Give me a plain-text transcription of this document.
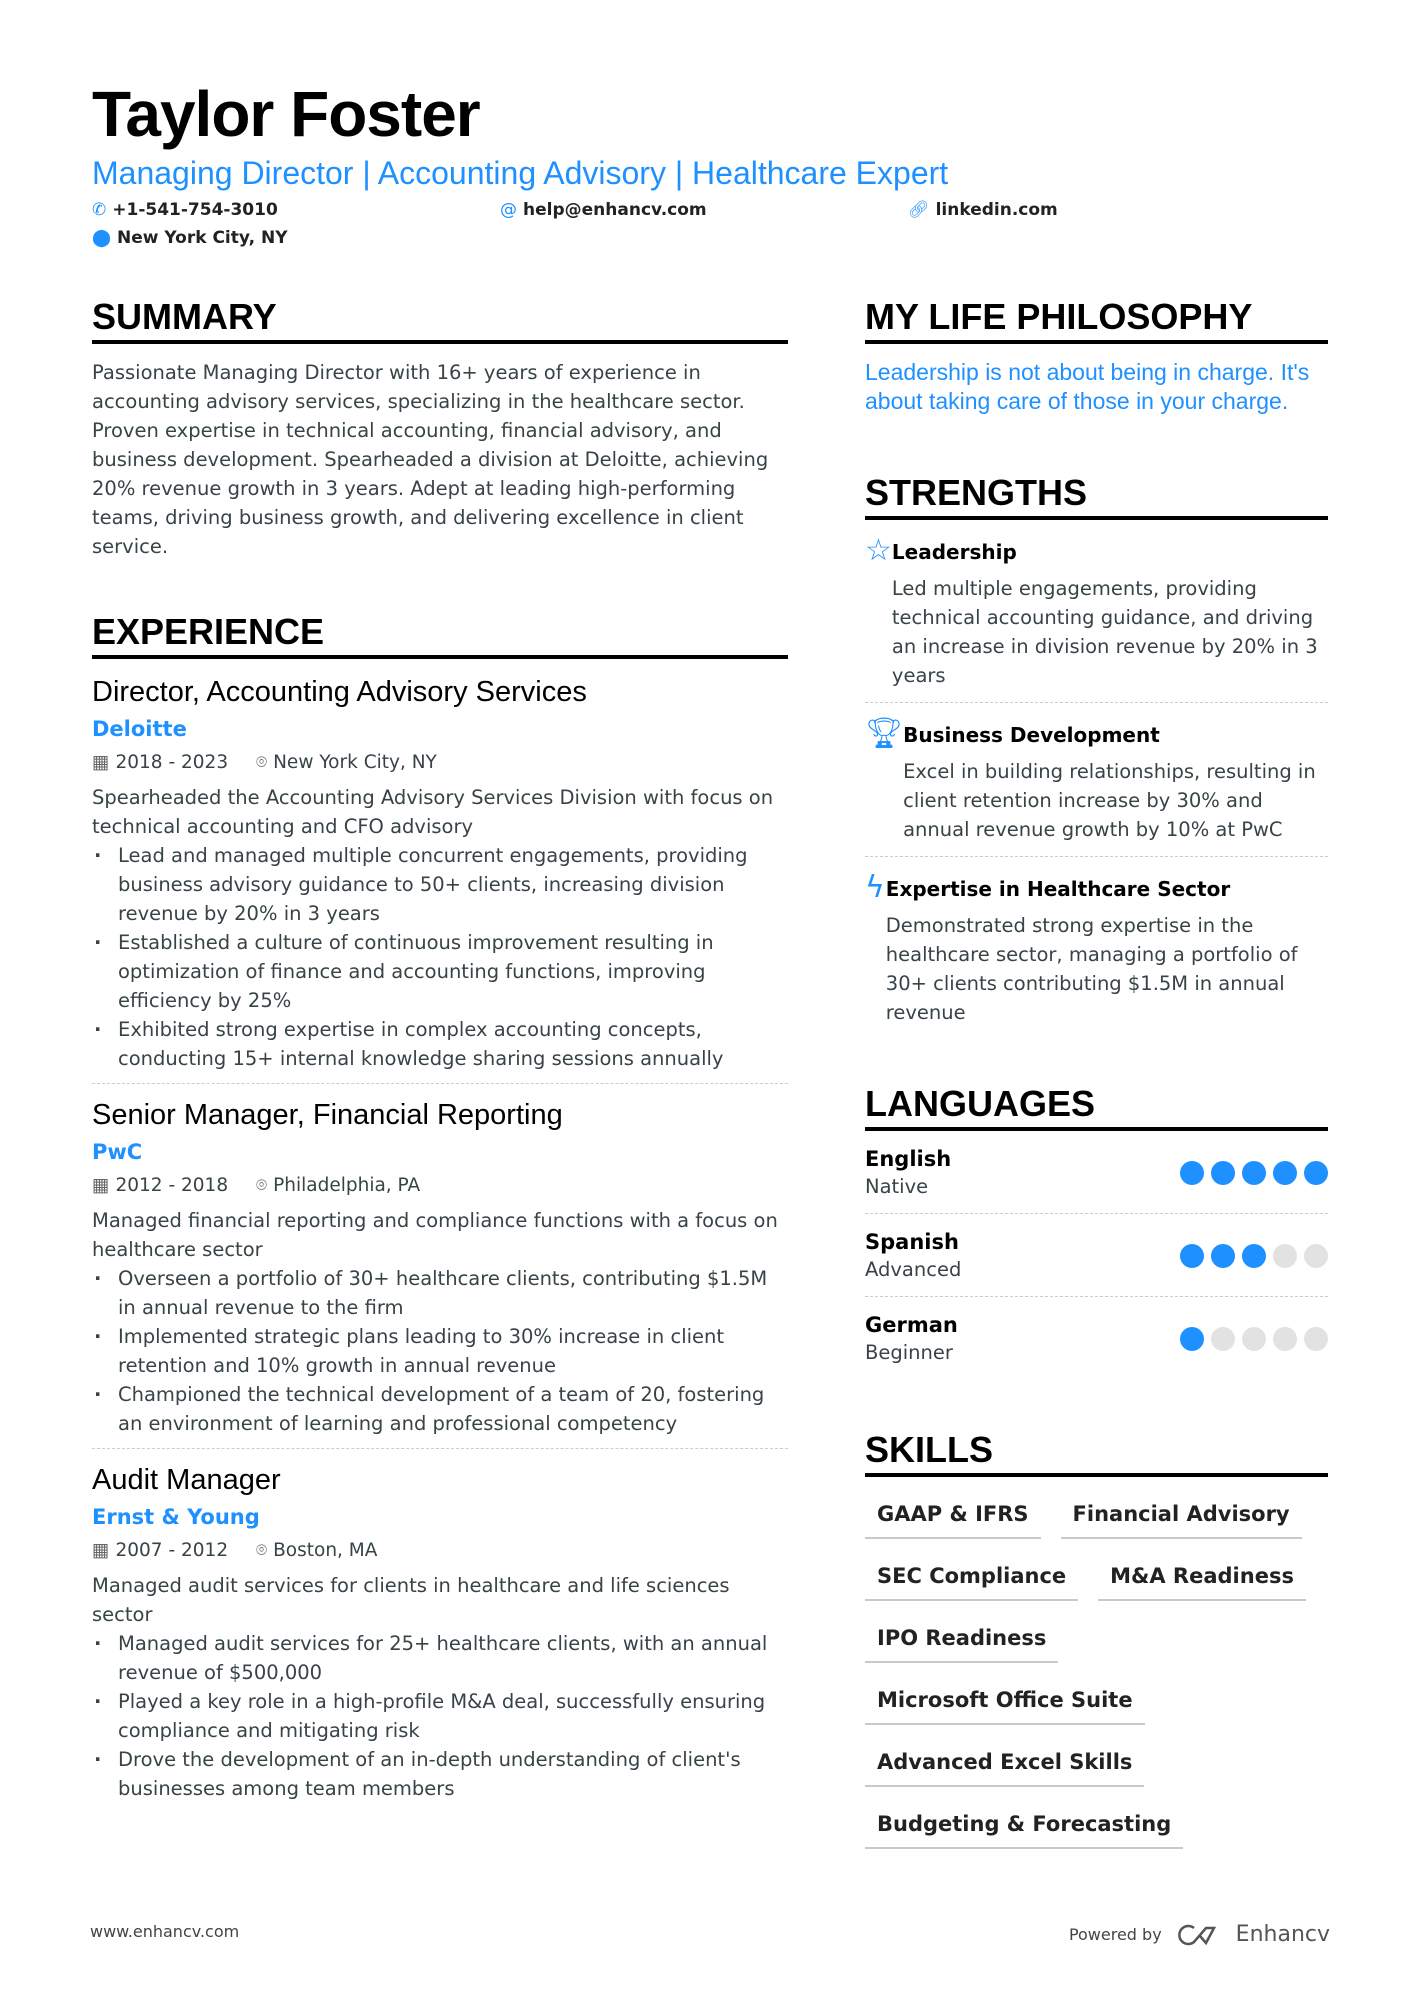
Taylor Foster
Managing Director | Accounting Advisory | Healthcare Expert
✆ +1-541-754-3010	@ help@enhancv.com	🔗︎ linkedin.com
⬤ New York City, NY
SUMMARY

Passionate Managing Director with 16+ years of experience in accounting advisory services, specializing in the healthcare sector. Proven expertise in technical accounting, financial advisory, and business development. Spearheaded a division at Deloitte, achieving 20% revenue growth in 3 years. Adept at leading high-performing teams, driving business growth, and delivering excellence in client service.

EXPERIENCE
Director, Accounting Advisory Services
Deloitte
▦ 2018 - 2023 ⌾ New York City, NY

Spearheaded the Accounting Advisory Services Division with focus on technical accounting and CFO advisory

· Lead and managed multiple concurrent engagements, providing business advisory guidance to 50+ clients, increasing division revenue by 20% in 3 years
· Established a culture of continuous improvement resulting in optimization of finance and accounting functions, improving efficiency by 25%
· Exhibited strong expertise in complex accounting concepts, conducting 15+ internal knowledge sharing sessions annually
Senior Manager, Financial Reporting
PwC
▦ 2012 - 2018 ⌾ Philadelphia, PA

Managed financial reporting and compliance functions with a focus on healthcare sector

· Overseen a portfolio of 30+ healthcare clients, contributing $1.5M in annual revenue to the firm
· Implemented strategic plans leading to 30% increase in client retention and 10% growth in annual revenue
· Championed the technical development of a team of 20, fostering an environment of learning and professional competency
Audit Manager
Ernst & Young
▦ 2007 - 2012 ⌾ Boston, MA

Managed audit services for clients in healthcare and life sciences sector

· Managed audit services for 25+ healthcare clients, with an annual revenue of $500,000
· Played a key role in a high-profile M&A deal, successfully ensuring compliance and mitigating risk
· Drove the development of an in-depth understanding of client's businesses among team members
MY LIFE PHILOSOPHY

Leadership is not about being in charge. It's about taking care of those in your charge.

STRENGTHS
☆ Leadership

Led multiple engagements, providing technical accounting guidance, and driving an increase in division revenue by 20% in 3 years

🏆︎ Business Development

Excel in building relationships, resulting in client retention increase by 30% and annual revenue growth by 10% at PwC

ϟ Expertise in Healthcare Sector

Demonstrated strong expertise in the healthcare sector, managing a portfolio of 30+ clients contributing $1.5M in annual revenue

LANGUAGES
English
Native
Spanish
Advanced
German
Beginner
SKILLS
GAAP & IFRS	Financial Advisory
SEC Compliance	M&A Readiness
IPO Readiness
Microsoft Office Suite
Advanced Excel Skills
Budgeting & Forecasting
www.enhancv.com	Powered by	Enhancv
